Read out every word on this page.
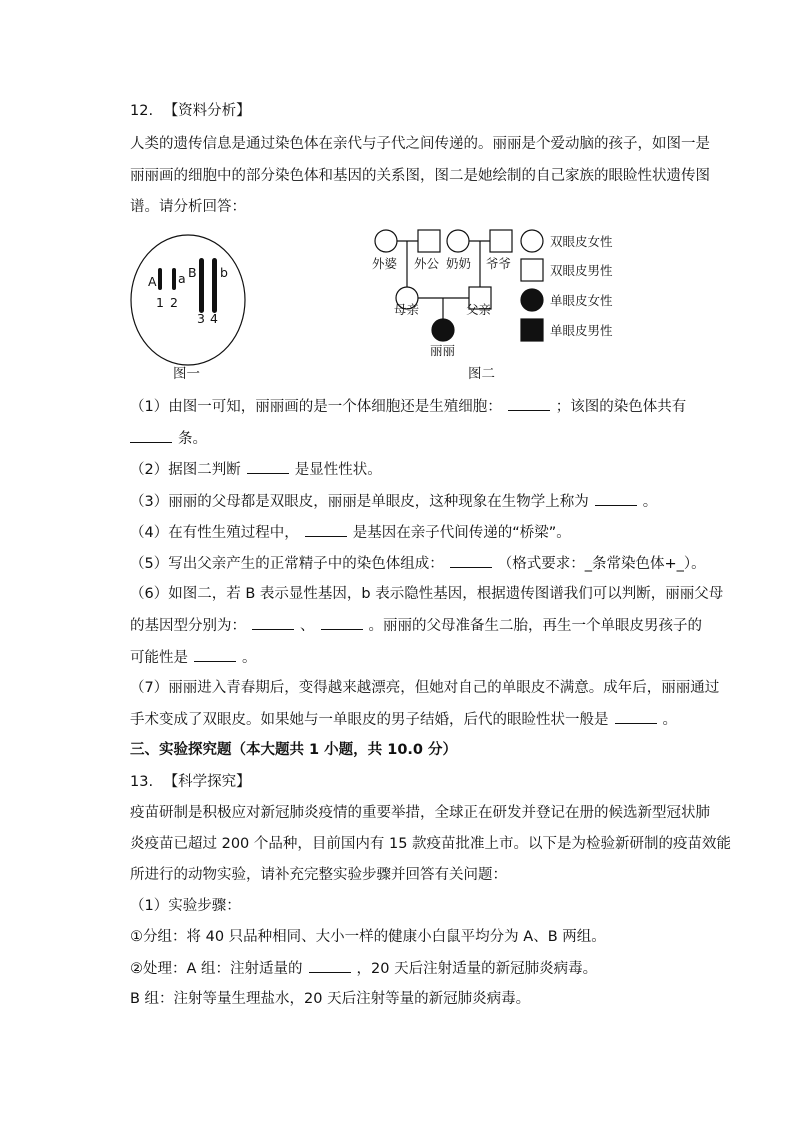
12. 【资料分析】
人类的遗传信息是通过染色体在亲代与子代之间传递的。丽丽是个爱动脑的孩子，如图一是
丽丽画的细胞中的部分染色体和基因的关系图，图二是她绘制的自己家族的眼睑性状遗传图
谱。请分析回答：
A a B b
1 2
3 4
图一
外婆 外公 奶奶 爷爷
母亲	父亲
丽丽
双眼皮女性
双眼皮男性
单眼皮女性
单眼皮男性
图二
（1）由图一可知，丽丽画的是一个体细胞还是生殖细胞：	；该图的染色体共有
条。
（2）据图二判断	是显性性状。
（3）丽丽的父母都是双眼皮，丽丽是单眼皮，这种现象在生物学上称为	。
（4）在有性生殖过程中，	是基因在亲子代间传递的“桥梁”。
（5）写出父亲产生的正常精子中的染色体组成：	（格式要求：_条常染色体+_）。
（6）如图二，若 B 表示显性基因，b 表示隐性基因，根据遗传图谱我们可以判断，丽丽父母
的基因型分别为：	、	。丽丽的父母准备生二胎，再生一个单眼皮男孩子的
可能性是	。
（7）丽丽进入青春期后，变得越来越漂亮，但她对自己的单眼皮不满意。成年后，丽丽通过
手术变成了双眼皮。如果她与一单眼皮的男子结婚，后代的眼睑性状一般是	。
三、实验探究题（本大题共 1 小题，共 10.0 分）
13. 【科学探究】
疫苗研制是积极应对新冠肺炎疫情的重要举措，全球正在研发并登记在册的候选新型冠状肺
炎疫苗已超过 200 个品种，目前国内有 15 款疫苗批准上市。以下是为检验新研制的疫苗效能
所进行的动物实验，请补充完整实验步骤并回答有关问题：
（1）实验步骤：
①分组：将 40 只品种相同、大小一样的健康小白鼠平均分为 A、B 两组。
②处理：A 组：注射适量的	，20 天后注射适量的新冠肺炎病毒。
B 组：注射等量生理盐水，20 天后注射等量的新冠肺炎病毒。
